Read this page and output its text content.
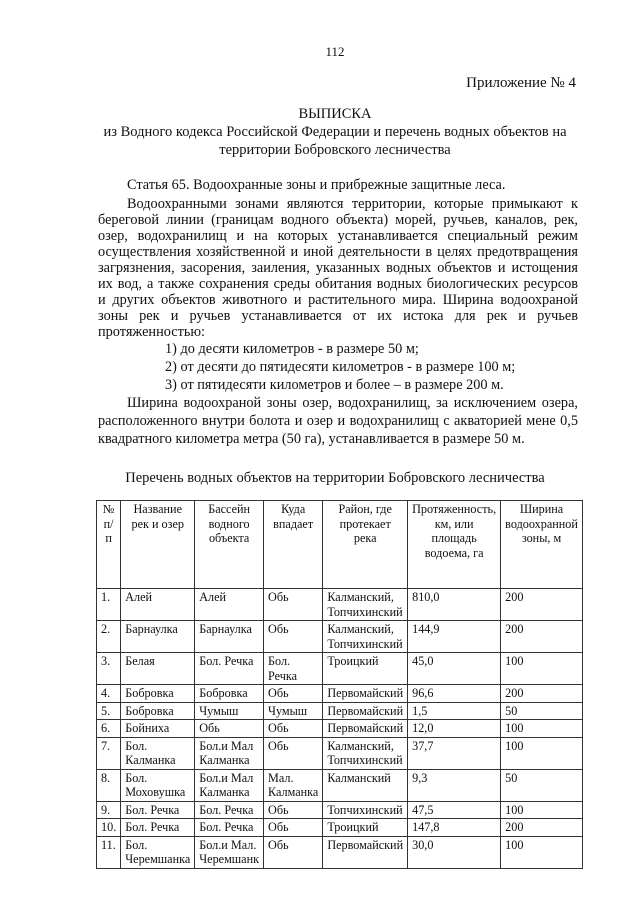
112
Приложение № 4
ВЫПИСКА
из Водного кодекса Российской Федерации и перечень водных объектов на
территории Бобровского лесничества
Статья 65. Водоохранные зоны и прибрежные защитные леса.
Водоохранными зонами являются территории, которые примыкают к
береговой линии (границам водного объекта) морей, ручьев, каналов, рек,
озер, водохранилищ и на которых устанавливается специальный режим
осуществления хозяйственной и иной деятельности в целях предотвращения
загрязнения, засорения, заиления, указанных водных объектов и истощения
их вод, а также сохранения среды обитания водных биологических ресурсов
и других объектов животного и растительного мира. Ширина водоохраной
зоны рек и ручьев устанавливается от их истока для рек и ручьев
протяженностью:
1) до десяти километров - в размере 50 м;
2) от десяти до пятидесяти километров - в размере 100 м;
3) от пятидесяти километров и более – в размере 200 м.
Ширина водоохраной зоны озер, водохранилищ, за исключением озера,
расположенного внутри болота и озер и водохранилищ с акваторией мене 0,5
квадратного километра метра (50 га), устанавливается в размере 50 м.
Перечень водных объектов на территории Бобровского лесничества
№ п/п	Название рек и озер	Бассейн водного объекта	Куда впадает	Район, где протекает река	Протяженность, км, или площадь водоема, га	Ширина водоохранной зоны, м
1.	Алей	Алей	Обь	Калманский, Топчихинский	810,0	200
2.	Барнаулка	Барнаулка	Обь	Калманский, Топчихинский	144,9	200
3.	Белая	Бол. Речка	Бол. Речка	Троицкий	45,0	100
4.	Бобровка	Бобровка	Обь	Первомайский	96,6	200
5.	Бобровка	Чумыш	Чумыш	Первомайский	1,5	50
6.	Бойниха	Обь	Обь	Первомайский	12,0	100
7.	Бол. Калманка	Бол.и Мал Калманка	Обь	Калманский, Топчихинский	37,7	100
8.	Бол. Моховушка	Бол.и Мал Калманка	Мал. Калманка	Калманский	9,3	50
9.	Бол. Речка	Бол. Речка	Обь	Топчихинский	47,5	100
10.	Бол. Речка	Бол. Речка	Обь	Троицкий	147,8	200
11.	Бол. Черемшанка	Бол.и Мал. Черемшанк	Обь	Первомайский	30,0	100
